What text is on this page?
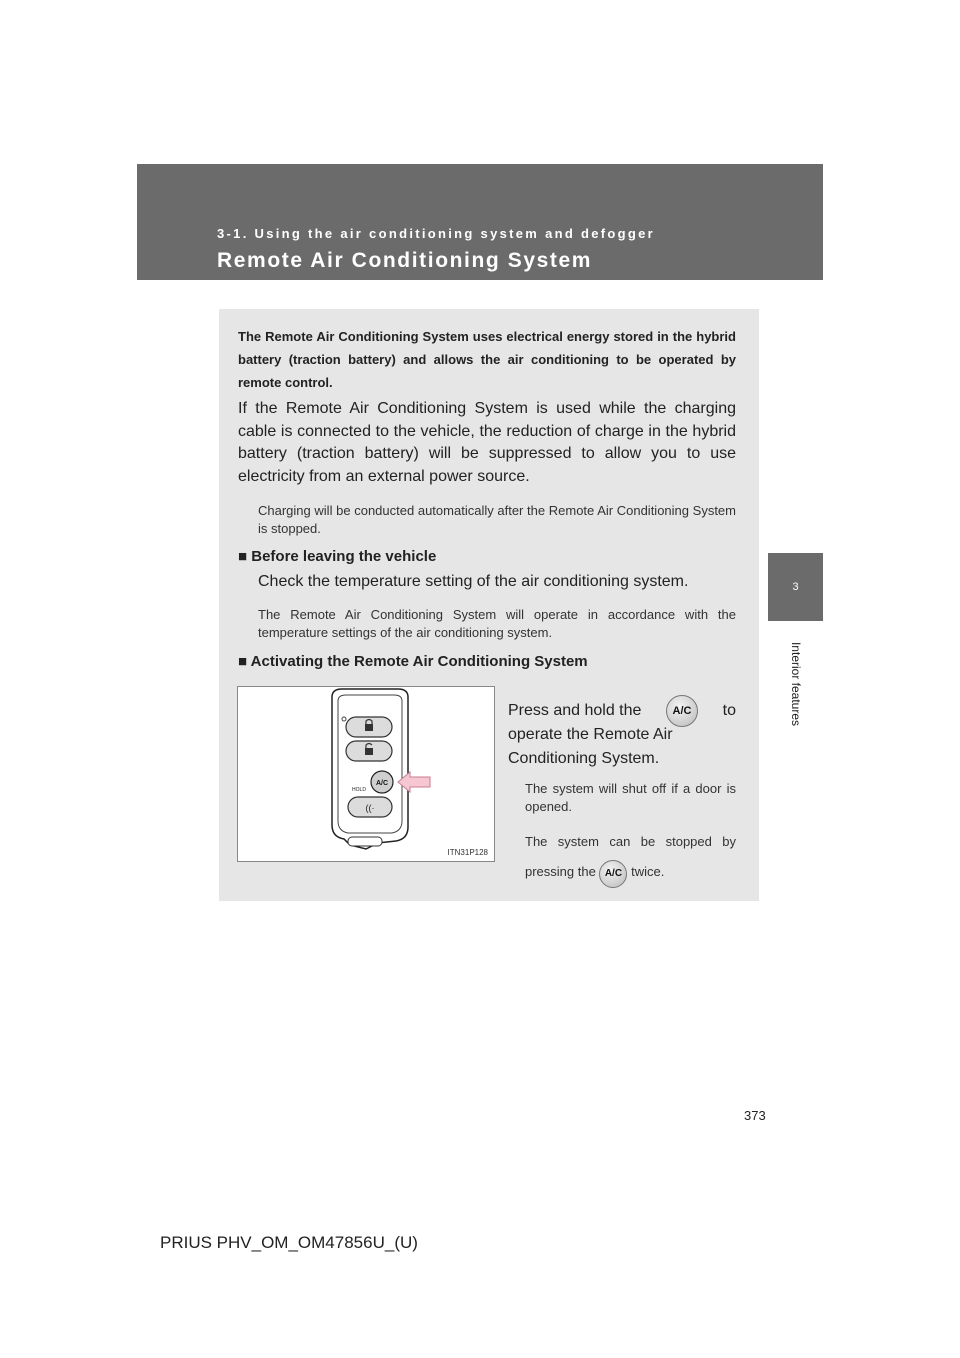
3-1. Using the air conditioning system and defogger
Remote Air Conditioning System
3
Interior features
The Remote Air Conditioning System uses electrical energy stored in the hybrid battery (traction battery) and allows the air conditioning to be operated by remote control.
If the Remote Air Conditioning System is used while the charging cable is connected to the vehicle, the reduction of charge in the hybrid battery (traction battery) will be suppressed to allow you to use electricity from an external power source.
Charging will be conducted automatically after the Remote Air Conditioning System is stopped.
■ Before leaving the vehicle
Check the temperature setting of the air conditioning system.
The Remote Air Conditioning System will operate in accordance with the temperature settings of the air conditioning system.
■ Activating the Remote Air Conditioning System
A/C
HOLD
((·
ITN31P128
Press and hold the	A/C	to
operate the Remote Air Conditioning System.
The system will shut off if a door is opened.
The system can be stopped by pressing the A/C twice.
373
PRIUS PHV_OM_OM47856U_(U)
